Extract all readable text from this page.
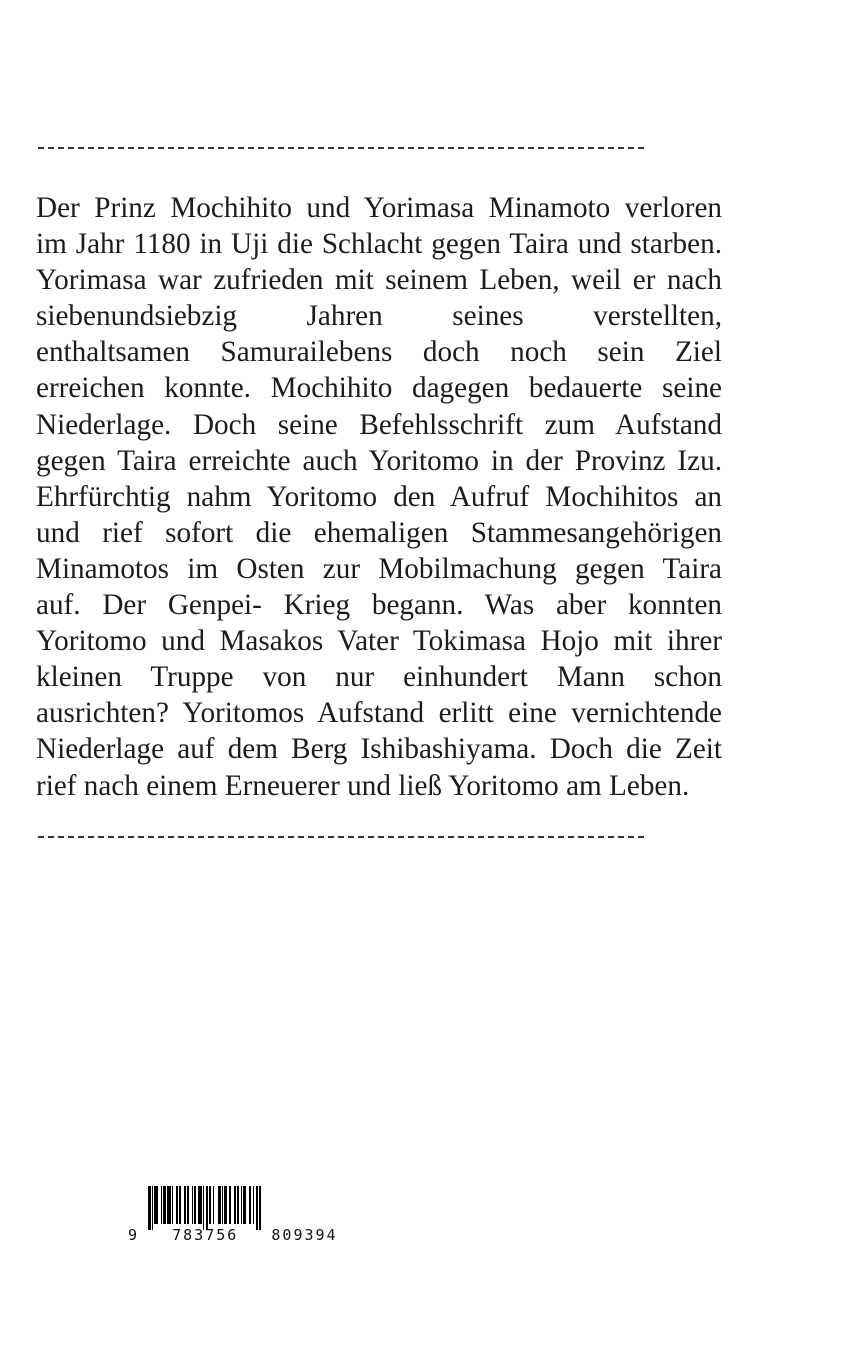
Der Prinz Mochihito und Yorimasa Minamoto verloren
im Jahr 1180 in Uji die Schlacht gegen Taira und starben.
Yorimasa war zufrieden mit seinem Leben, weil er nach
siebenundsiebzig Jahren seines verstellten,
enthaltsamen Samurailebens doch noch sein Ziel
erreichen konnte. Mochihito dagegen bedauerte seine
Niederlage. Doch seine Befehlsschrift zum Aufstand
gegen Taira erreichte auch Yoritomo in der Provinz Izu.
Ehrfürchtig nahm Yoritomo den Aufruf Mochihitos an
und rief sofort die ehemaligen Stammesangehörigen
Minamotos im Osten zur Mobilmachung gegen Taira
auf. Der Genpei- Krieg begann. Was aber konnten
Yoritomo und Masakos Vater Tokimasa Hojo mit ihrer
kleinen Truppe von nur einhundert Mann schon
ausrichten? Yoritomos Aufstand erlitt eine vernichtende
Niederlage auf dem Berg Ishibashiyama. Doch die Zeit
rief nach einem Erneuerer und ließ Yoritomo am Leben.

9   783756   809394
